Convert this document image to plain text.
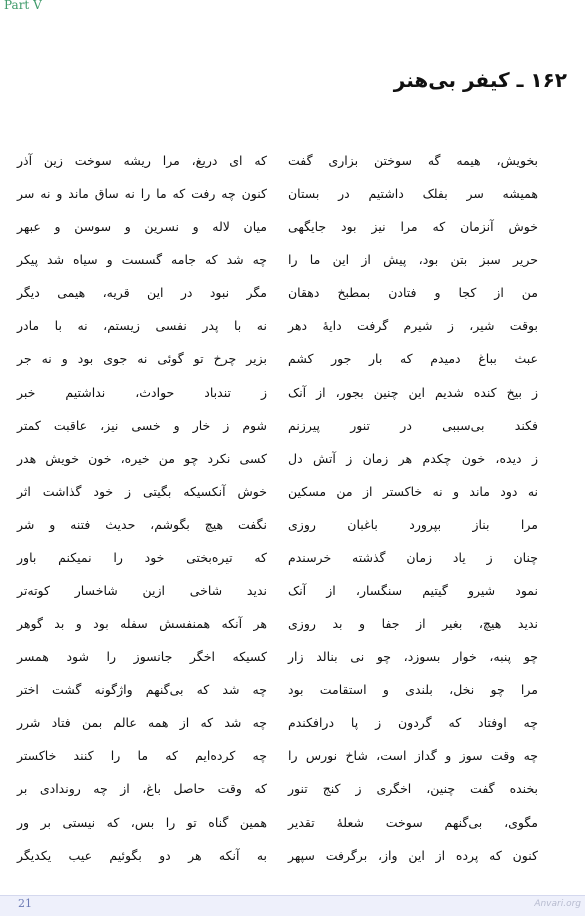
Part V
۱۶۲ ـ کیفر بی‌هنر
بخویش، هیمه گه سوختن بزاری گفت
که ای دریغ، مرا ریشه سوخت زین آذر
همیشه سر بفلک داشتیم در بستان
کنون چه رفت که ما را نه ساق ماند و نه سر
خوش آنزمان که مرا نیز بود جایگهی
میان لاله و نسرین و سوسن و عبهر
حریر سبز بتن بود، پیش از این ما را
چه شد که جامه گسست و سیاه شد پیکر
من از کجا و فتادن بمطبخ دهقان
مگر نبود در این قریه، هیمی دیگر
بوقت شیر، ز شیرم گرفت دایهٔ دهر
نه با پدر نفسی زیستم، نه با مادر
عبث بباغ دمیدم که بار جور کشم
بزیر چرخ تو گوئی نه جوی بود و نه جر
ز بیخ کنده شدیم این چنین بجور، از آنک
ز تندباد حوادث، نداشتیم خبر
فکند بی‌سببی در تنور پیرزنم
شوم ز خار و خسی نیز، عاقبت کمتر
ز دیده، خون چکدم هر زمان ز آتش دل
کسی نکرد چو من خیره، خون خویش هدر
نه دود ماند و نه خاکستر از من مسکین
خوش آنکسیکه بگیتی ز خود گذاشت اثر
مرا بناز بپرورد باغبان روزی
نگفت هیچ بگوشم، حدیث فتنه و شر
چنان ز یاد زمان گذشته خرسندم
که تیره‌بختی خود را نمیکنم باور
نمود شیرو گیتیم سنگسار، از آنک
ندید شاخی ازین شاخسار کوته‌تر
ندید هیچ، بغیر از جفا و بد روزی
هر آنکه همنفسش سفله بود و بد گوهر
چو پنبه، خوار بسوزد، چو نی بنالد زار
کسیکه اخگر جانسوز را شود همسر
مرا چو نخل، بلندی و استقامت بود
چه شد که بی‌گنهم واژگونه گشت اختر
چه اوفتاد که گردون ز پا درافکندم
چه شد که از همه عالم بمن فتاد شرر
چه وقت سوز و گداز است، شاخ نورس را
چه کرده‌ایم که ما را کنند خاکستر
بخنده گفت چنین، اخگری ز کنج تنور
که وقت حاصل باغ، از چه روندادی بر
مگوی، بی‌گنهم سوخت شعلهٔ تقدیر
همین گناه تو را بس، که نیستی بر ور
کنون که پرده از این واز، برگرفت سپهر
به آنکه هر دو بگوئیم عیب یکدیگر
21	Anvari.org
